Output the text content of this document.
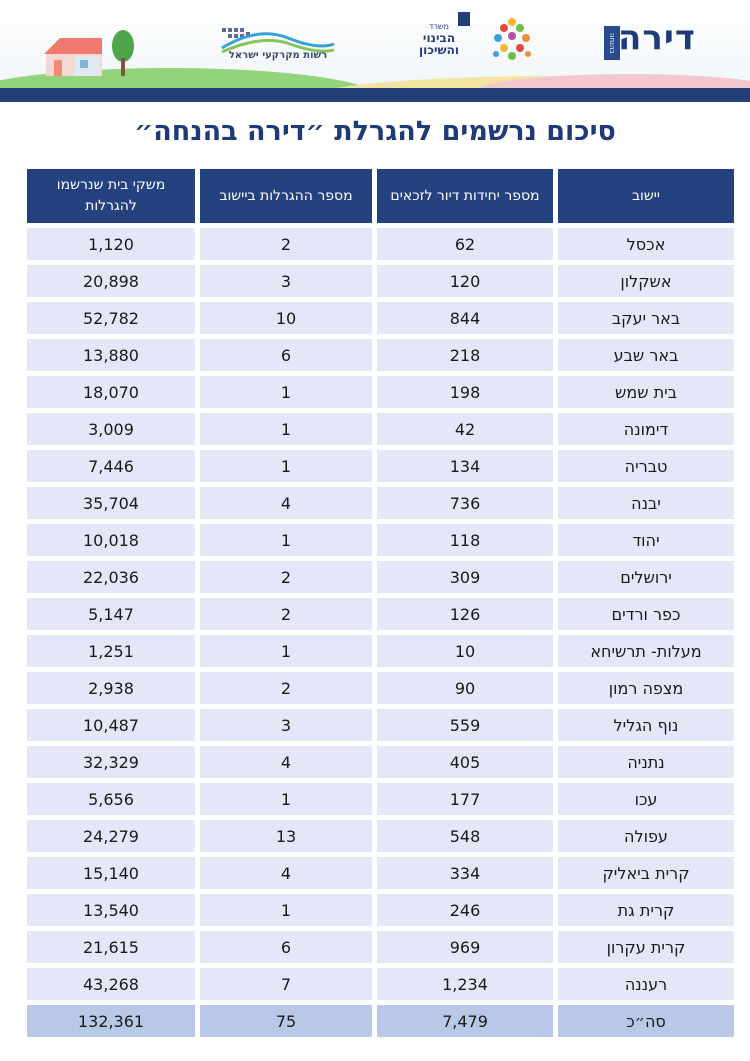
רשות מקרקעי ישראל
משרד
הבינוי
והשיכון	בהנחה דירה
סיכום נרשמים להגרלת ״דירה בהנחה״
יישוב	מספר יחידות דיור לזכאים	מספר ההגרלות ביישוב	משקי בית שנרשמו להגרלות
אכסל	62	2	1,120
אשקלון	120	3	20,898
באר יעקב	844	10	52,782
באר שבע	218	6	13,880
בית שמש	198	1	18,070
דימונה	42	1	3,009
טבריה	134	1	7,446
יבנה	736	4	35,704
יהוד	118	1	10,018
ירושלים	309	2	22,036
כפר ורדים	126	2	5,147
מעלות- תרשיחא	10	1	1,251
מצפה רמון	90	2	2,938
נוף הגליל	559	3	10,487
נתניה	405	4	32,329
עכו	177	1	5,656
עפולה	548	13	24,279
קרית ביאליק	334	4	15,140
קרית גת	246	1	13,540
קרית עקרון	969	6	21,615
רעננה	1,234	7	43,268
סה״כ	7,479	75	132,361
